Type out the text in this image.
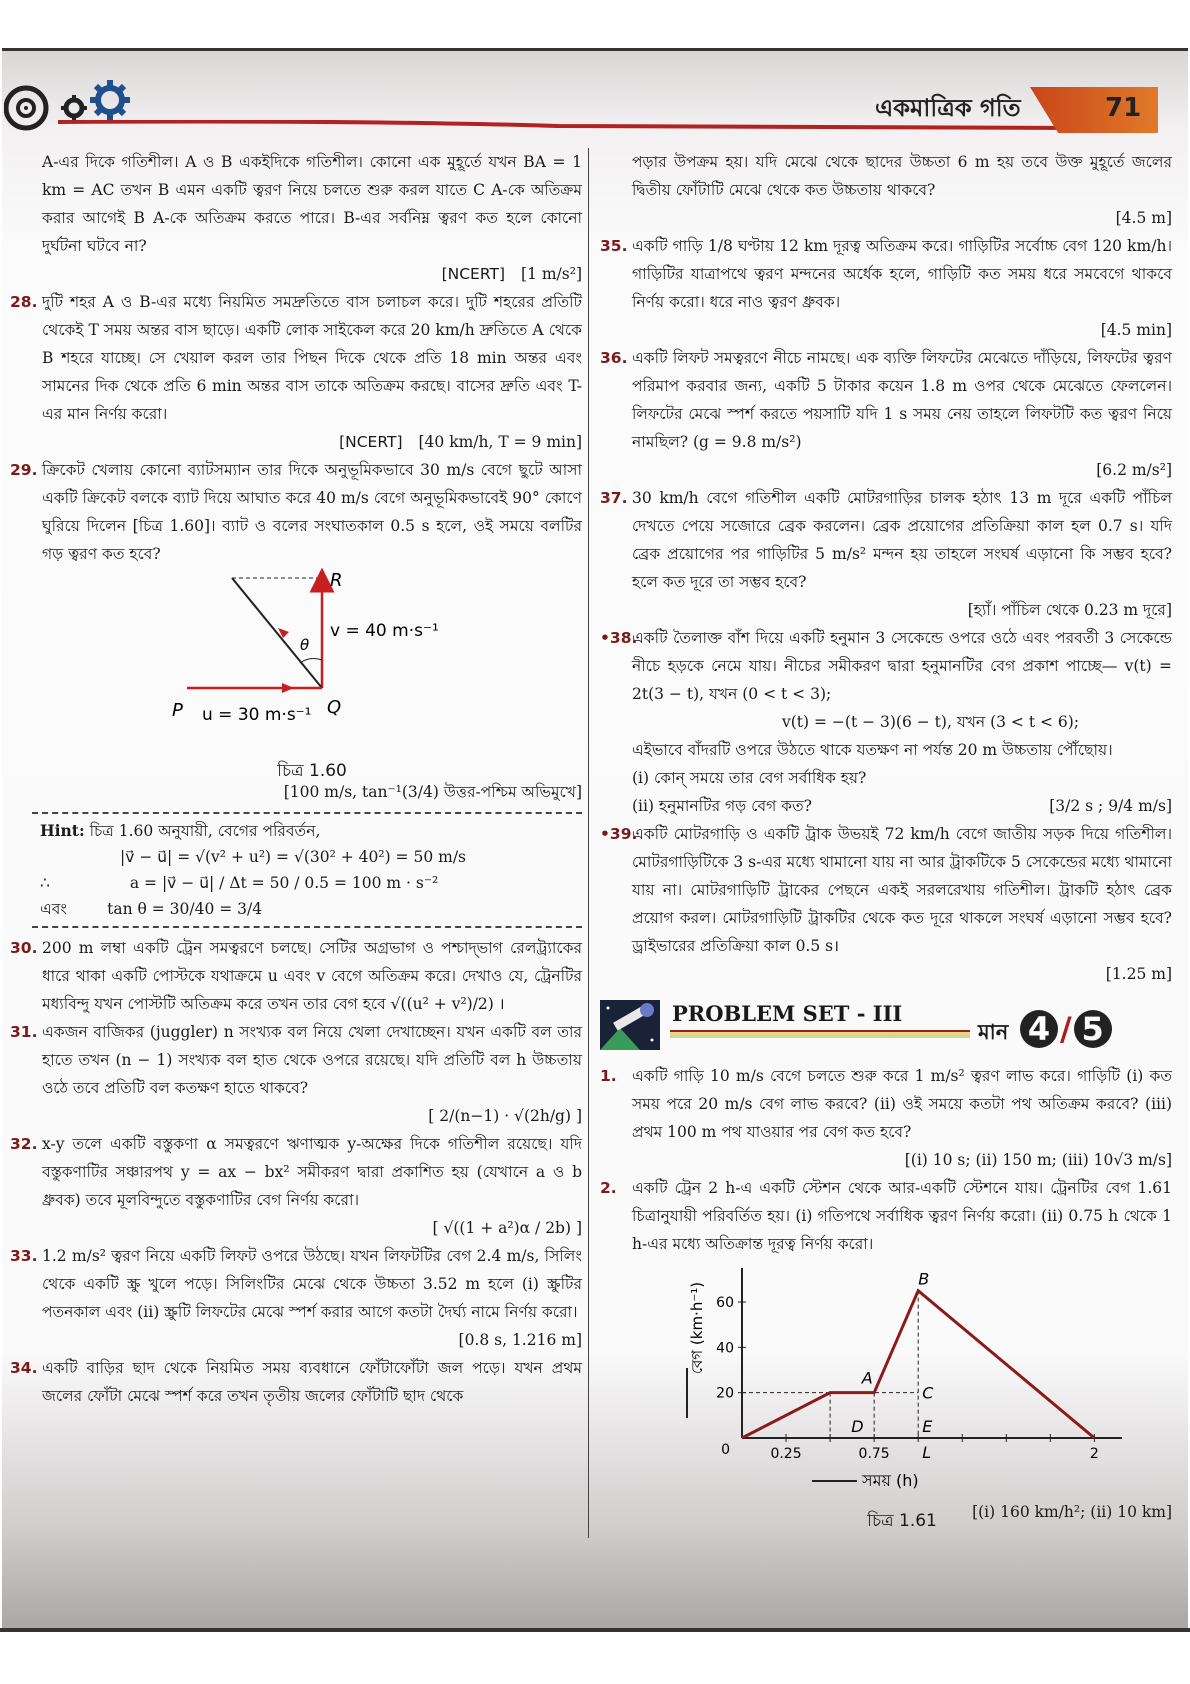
একমাত্রিক গতি	71
A-এর দিকে গতিশীল। A ও B একইদিকে গতিশীল। কোনো এক মুহূর্তে যখন BA = 1 km = AC তখন B এমন একটি ত্বরণ নিয়ে চলতে শুরু করল যাতে C A-কে অতিক্রম করার আগেই B A-কে অতিক্রম করতে পারে। B-এর সর্বনিম্ন ত্বরণ কত হলে কোনো দুর্ঘটনা ঘটবে না?
[NCERT] [1 m/s²]
28. দুটি শহর A ও B-এর মধ্যে নিয়মিত সমদ্রুতিতে বাস চলাচল করে। দুটি শহরের প্রতিটি থেকেই T সময় অন্তর বাস ছাড়ে। একটি লোক সাইকেল করে 20 km/h দ্রুতিতে A থেকে B শহরে যাচ্ছে। সে খেয়াল করল তার পিছন দিকে থেকে প্রতি 18 min অন্তর এবং সামনের দিক থেকে প্রতি 6 min অন্তর বাস তাকে অতিক্রম করছে। বাসের দ্রুতি এবং T-এর মান নির্ণয় করো।
[NCERT] [40 km/h, T = 9 min]
29. ক্রিকেট খেলায় কোনো ব্যাটসম্যান তার দিকে অনুভূমিকভাবে 30 m/s বেগে ছুটে আসা একটি ক্রিকেট বলকে ব্যাট দিয়ে আঘাত করে 40 m/s বেগে অনুভূমিকভাবেই 90° কোণে ঘুরিয়ে দিলেন [চিত্র 1.60]। ব্যাট ও বলের সংঘাতকাল 0.5 s হলে, ওই সময়ে বলটির গড় ত্বরণ কত হবে?
R
P	Q
θ
v = 40 m·s⁻¹
u = 30 m·s⁻¹
চিত্র 1.60
[100 m/s, tan⁻¹(3/4) উত্তর-পশ্চিম অভিমুখে]
Hint: চিত্র 1.60 অনুযায়ী, বেগের পরিবর্তন,
|v⃗ − u⃗| = √(v² + u²) = √(30² + 40²) = 50 m/s
∴	a = |v⃗ − u⃗| / Δt = 50 / 0.5 = 100 m · s⁻²
এবং	tan θ = 30/40 = 3/4
30. 200 m লম্বা একটি ট্রেন সমত্বরণে চলছে। সেটির অগ্রভাগ ও পশ্চাদ্‌ভাগ রেলট্র্যাকের ধারে থাকা একটি পোস্টকে যথাক্রমে u এবং v বেগে অতিক্রম করে। দেখাও যে, ট্রেনটির মধ্যবিন্দু যখন পোস্টটি অতিক্রম করে তখন তার বেগ হবে √((u² + v²)/2) ।
31. একজন বাজিকর (juggler) n সংখ্যক বল নিয়ে খেলা দেখাচ্ছেন। যখন একটি বল তার হাতে তখন (n − 1) সংখ্যক বল হাত থেকে ওপরে রয়েছে। যদি প্রতিটি বল h উচ্চতায় ওঠে তবে প্রতিটি বল কতক্ষণ হাতে থাকবে?
[ 2/(n−1) · √(2h/g) ]
32. x-y তলে একটি বস্তুকণা α সমত্বরণে ঋণাত্মক y-অক্ষের দিকে গতিশীল রয়েছে। যদি বস্তুকণাটির সঞ্চারপথ y = ax − bx² সমীকরণ দ্বারা প্রকাশিত হয় (যেখানে a ও b ধ্রুবক) তবে মূলবিন্দুতে বস্তুকণাটির বেগ নির্ণয় করো।
[ √((1 + a²)α / 2b) ]
33. 1.2 m/s² ত্বরণ নিয়ে একটি লিফট ওপরে উঠছে। যখন লিফটটির বেগ 2.4 m/s, সিলিং থেকে একটি স্ক্রু খুলে পড়ে। সিলিংটির মেঝে থেকে উচ্চতা 3.52 m হলে (i) স্ক্রুটির পতনকাল এবং (ii) স্ক্রুটি লিফটের মেঝে স্পর্শ করার আগে কতটা দৈর্ঘ্য নামে নির্ণয় করো।
[0.8 s, 1.216 m]
34. একটি বাড়ির ছাদ থেকে নিয়মিত সময় ব্যবধানে ফোঁটাফোঁটা জল পড়ে। যখন প্রথম জলের ফোঁটা মেঝে স্পর্শ করে তখন তৃতীয় জলের ফোঁটাটি ছাদ থেকে
পড়ার উপক্রম হয়। যদি মেঝে থেকে ছাদের উচ্চতা 6 m হয় তবে উক্ত মুহূর্তে জলের দ্বিতীয় ফোঁটাটি মেঝে থেকে কত উচ্চতায় থাকবে?
[4.5 m]
35. একটি গাড়ি 1/8 ঘণ্টায় 12 km দূরত্ব অতিক্রম করে। গাড়িটির সর্বোচ্চ বেগ 120 km/h। গাড়িটির যাত্রাপথে ত্বরণ মন্দনের অর্ধেক হলে, গাড়িটি কত সময় ধরে সমবেগে থাকবে নির্ণয় করো। ধরে নাও ত্বরণ ধ্রুবক।
[4.5 min]
36. একটি লিফট সমত্বরণে নীচে নামছে। এক ব্যক্তি লিফটের মেঝেতে দাঁড়িয়ে, লিফটের ত্বরণ পরিমাপ করবার জন্য, একটি 5 টাকার কয়েন 1.8 m ওপর থেকে মেঝেতে ফেললেন। লিফটের মেঝে স্পর্শ করতে পয়সাটি যদি 1 s সময় নেয় তাহলে লিফটটি কত ত্বরণ নিয়ে নামছিল? (g = 9.8 m/s²)
[6.2 m/s²]
37. 30 km/h বেগে গতিশীল একটি মোটরগাড়ির চালক হঠাৎ 13 m দূরে একটি পাঁচিল দেখতে পেয়ে সজোরে ব্রেক করলেন। ব্রেক প্রয়োগের প্রতিক্রিয়া কাল হল 0.7 s। যদি ব্রেক প্রয়োগের পর গাড়িটির 5 m/s² মন্দন হয় তাহলে সংঘর্ষ এড়ানো কি সম্ভব হবে? হলে কত দূরে তা সম্ভব হবে?
[হ্যাঁ। পাঁচিল থেকে 0.23 m দূরে]
•38.
একটি তৈলাক্ত বাঁশ দিয়ে একটি হনুমান 3 সেকেন্ডে ওপরে ওঠে এবং পরবর্তী 3 সেকেন্ডে নীচে হড়কে নেমে যায়। নীচের সমীকরণ দ্বারা হনুমানটির বেগ প্রকাশ পাচ্ছে— v(t) = 2t(3 − t), যখন (0 < t < 3);
v(t) = −(t − 3)(6 − t), যখন (3 < t < 6);
এইভাবে বাঁদরটি ওপরে উঠতে থাকে যতক্ষণ না পর্যন্ত 20 m উচ্চতায় পৌঁছোয়।
(i) কোন্ সময়ে তার বেগ সর্বাধিক হয়?
(ii) হনুমানটির গড় বেগ কত?	[3/2 s ; 9/4 m/s]
•39.
একটি মোটরগাড়ি ও একটি ট্রাক উভয়ই 72 km/h বেগে জাতীয় সড়ক দিয়ে গতিশীল। মোটরগাড়িটিকে 3 s-এর মধ্যে থামানো যায় না আর ট্রাকটিকে 5 সেকেন্ডের মধ্যে থামানো যায় না। মোটরগাড়িটি ট্রাকের পেছনে একই সরলরেখায় গতিশীল। ট্রাকটি হঠাৎ ব্রেক প্রয়োগ করল। মোটরগাড়িটি ট্রাকটির থেকে কত দূরে থাকলে সংঘর্ষ এড়ানো সম্ভব হবে? ড্রাইভারের প্রতিক্রিয়া কাল 0.5 s।
[1.25 m]
PROBLEM SET - III
মান 4 / 5
1. একটি গাড়ি 10 m/s বেগে চলতে শুরু করে 1 m/s² ত্বরণ লাভ করে। গাড়িটি (i) কত সময় পরে 20 m/s বেগ লাভ করবে? (ii) ওই সময়ে কতটা পথ অতিক্রম করবে? (iii) প্রথম 100 m পথ যাওয়ার পর বেগ কত হবে?
[(i) 10 s; (ii) 150 m; (iii) 10√3 m/s]
2. একটি ট্রেন 2 h-এ একটি স্টেশন থেকে আর-একটি স্টেশনে যায়। ট্রেনটির বেগ 1.61 চিত্রানুযায়ী পরিবর্তিত হয়। (i) গতিপথে সর্বাধিক ত্বরণ নির্ণয় করো। (ii) 0.75 h থেকে 1 h-এর মধ্যে অতিক্রান্ত দূরত্ব নির্ণয় করো।
20
40
60
0.25	0.75	2
0
A
B
C
D	E
L
বেগ (km·h⁻¹)
সময় (h)
চিত্র 1.61	[(i) 160 km/h²; (ii) 10 km]
